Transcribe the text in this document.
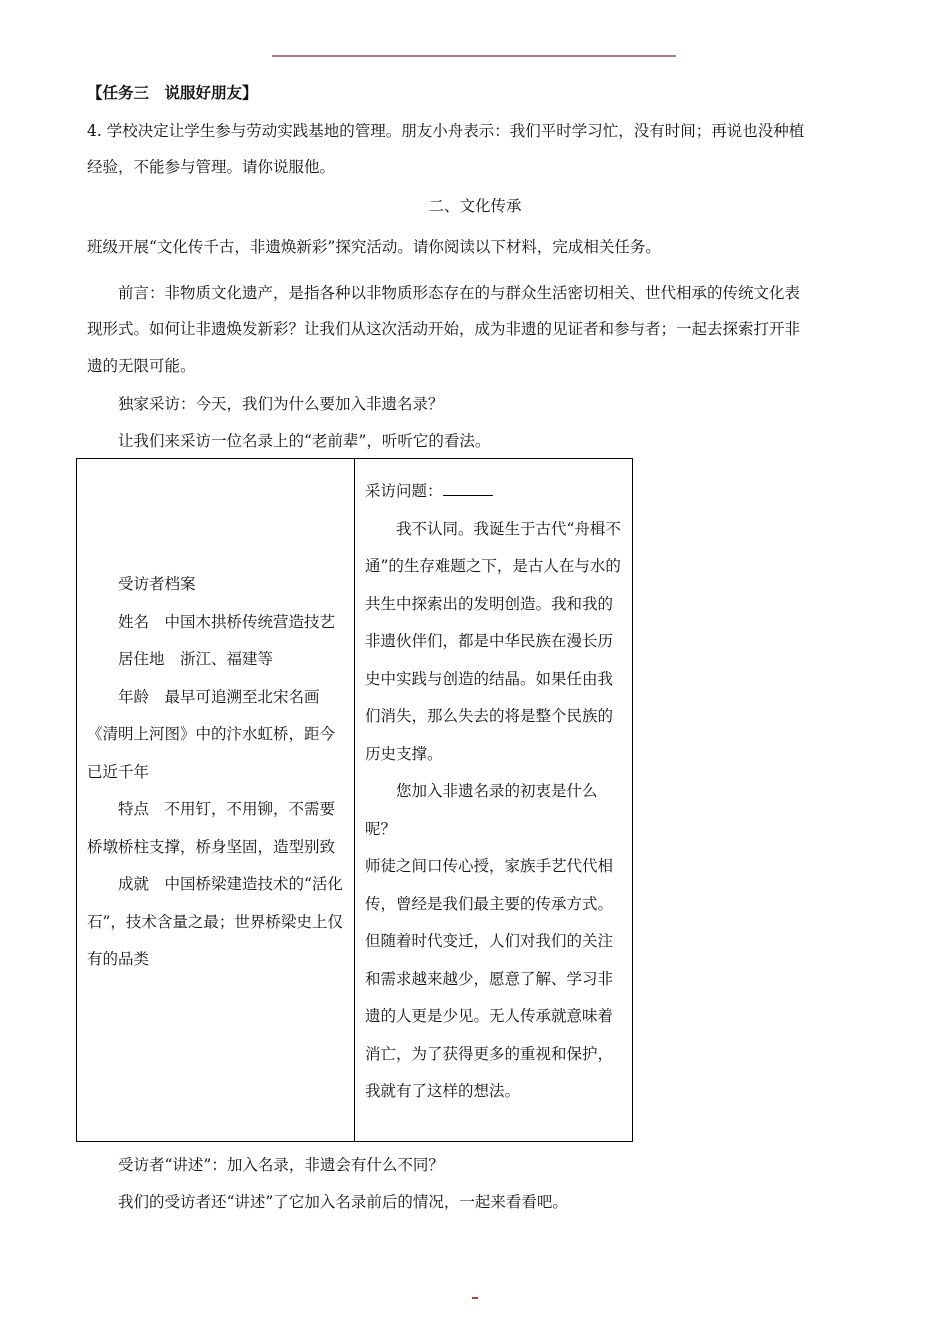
【任务三　说服好朋友】
4. 学校决定让学生参与劳动实践基地的管理。朋友小舟表示：我们平时学习忙，没有时间；再说也没种植
经验，不能参与管理。请你说服他。
二、文化传承
班级开展“文化传千古，非遗焕新彩”探究活动。请你阅读以下材料，完成相关任务。
前言：非物质文化遗产，是指各种以非物质形态存在的与群众生活密切相关、世代相承的传统文化表
现形式。如何让非遗焕发新彩？让我们从这次活动开始，成为非遗的见证者和参与者；一起去探索打开非
遗的无限可能。
独家采访：今天，我们为什么要加入非遗名录？
让我们来采访一位名录上的“老前辈”，听听它的看法。

受访者档案

姓名　中国木拱桥传统营造技艺

居住地　浙江、福建等

年龄　最早可追溯至北宋名画《清明上河图》中的汴水虹桥，距今已近千年

特点　不用钉，不用铆，不需要桥墩桥柱支撑，桥身坚固，造型别致

成就　中国桥梁建造技术的“活化石”，技术含量之最；世界桥梁史上仅有的品类

采访问题：

我不认同。我诞生于古代“舟楫不通”的生存难题之下，是古人在与水的共生中探索出的发明创造。我和我的非遗伙伴们，都是中华民族在漫长历史中实践与创造的结晶。如果任由我们消失，那么失去的将是整个民族的历史支撑。

您加入非遗名录的初衷是什么呢？

师徒之间口传心授，家族手艺代代相传，曾经是我们最主要的传承方式。但随着时代变迁，人们对我们的关注和需求越来越少，愿意了解、学习非遗的人更是少见。无人传承就意味着消亡，为了获得更多的重视和保护，我就有了这样的想法。

受访者“讲述”：加入名录，非遗会有什么不同？
我们的受访者还“讲述”了它加入名录前后的情况，一起来看看吧。
